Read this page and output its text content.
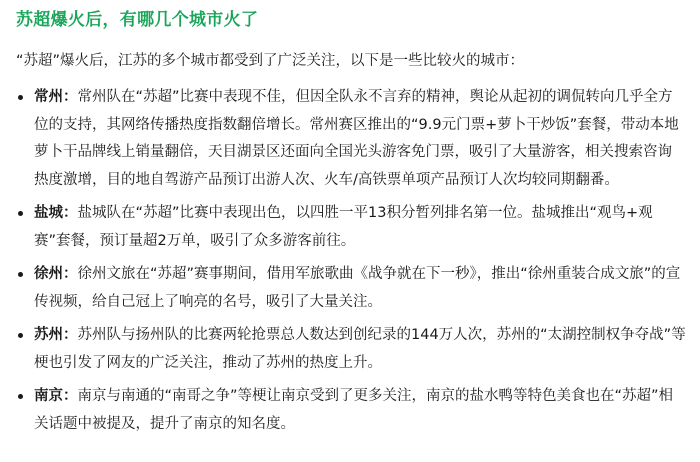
苏超爆火后，有哪几个城市火了
“苏超”爆火后，江苏的多个城市都受到了广泛关注，以下是一些比较火的城市：
常州：常州队在“苏超”比赛中表现不佳，但因全队永不言弃的精神，舆论从起初的调侃转向几乎全方位的支持，其网络传播热度指数翻倍增长。常州赛区推出的“9.9元门票+萝卜干炒饭”套餐，带动本地萝卜干品牌线上销量翻倍，天目湖景区还面向全国光头游客免门票，吸引了大量游客，相关搜索咨询热度激增，目的地自驾游产品预订出游人次、火车/高铁票单项产品预订人次均较同期翻番。
盐城：盐城队在“苏超”比赛中表现出色，以四胜一平13积分暂列排名第一位。盐城推出“观鸟+观赛”套餐，预订量超2万单，吸引了众多游客前往。
徐州：徐州文旅在“苏超”赛事期间，借用军旅歌曲《战争就在下一秒》，推出“徐州重装合成文旅”的宣传视频，给自己冠上了响亮的名号，吸引了大量关注。
苏州：苏州队与扬州队的比赛两轮抢票总人数达到创纪录的144万人次，苏州的“太湖控制权争夺战”等梗也引发了网友的广泛关注，推动了苏州的热度上升。
南京：南京与南通的“南哥之争”等梗让南京受到了更多关注，南京的盐水鸭等特色美食也在“苏超”相关话题中被提及，提升了南京的知名度。
